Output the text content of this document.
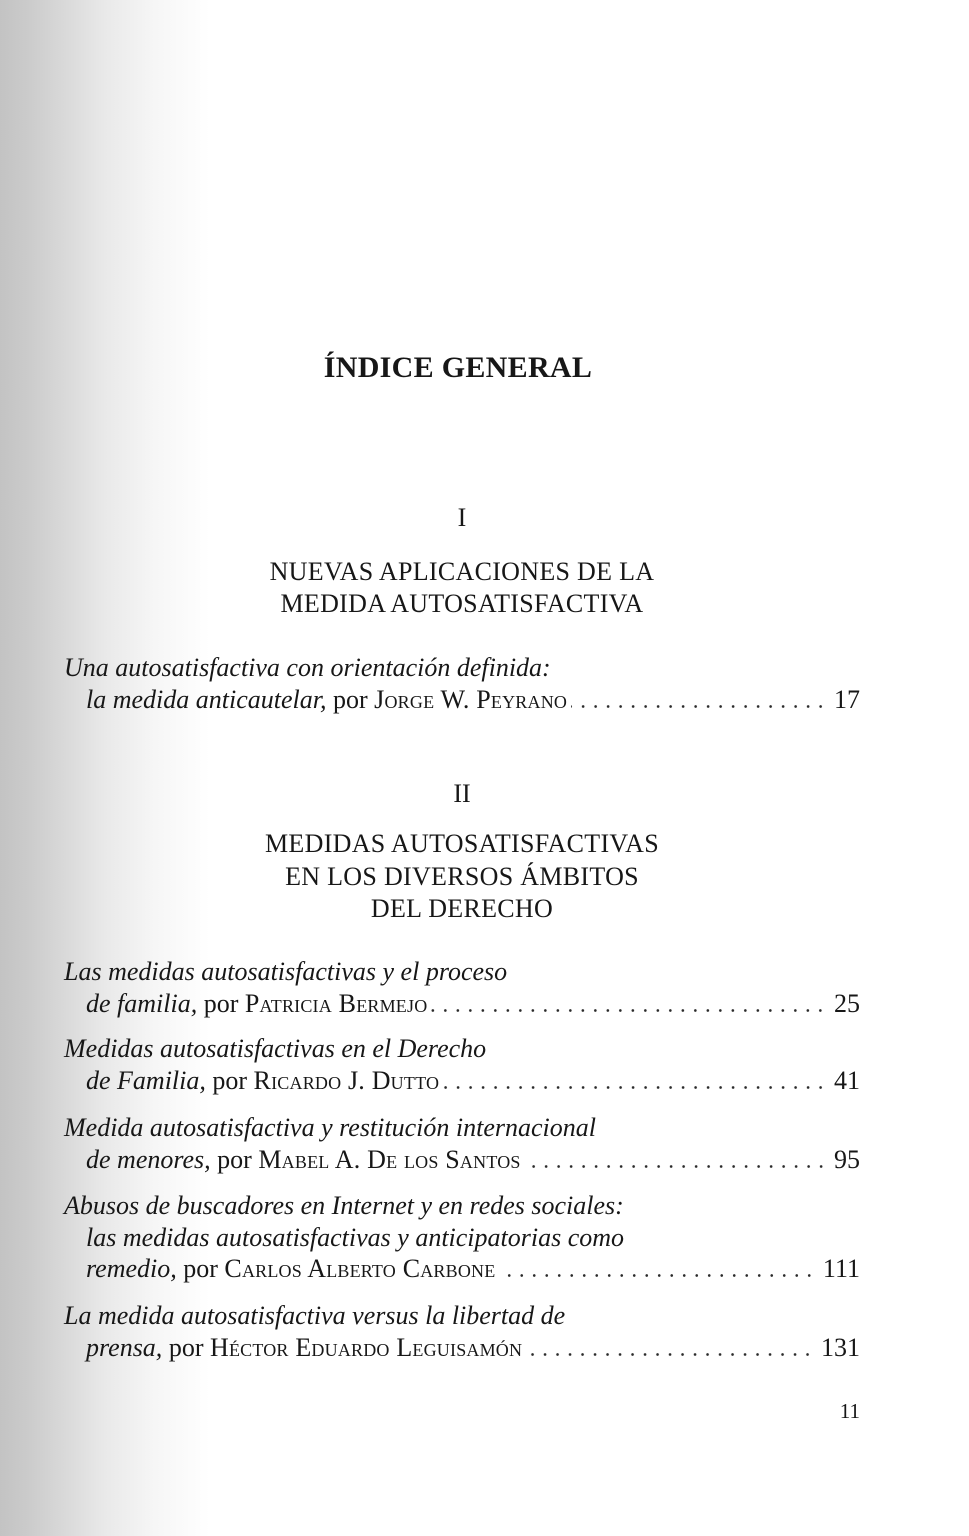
ÍNDICE GENERAL
I
NUEVAS APLICACIONES DE LA
MEDIDA AUTOSATISFACTIVA
Una autosatisfactiva con orientación definida:
la medida anticautelar, por Jorge W. Peyrano	17
II
MEDIDAS AUTOSATISFACTIVAS
EN LOS DIVERSOS ÁMBITOS
DEL DERECHO
Las medidas autosatisfactivas y el proceso
de familia, por Patricia Bermejo	25
Medidas autosatisfactivas en el Derecho
de Familia, por Ricardo J. Dutto	41
Medida autosatisfactiva y restitución internacional
de menores, por Mabel A. De los Santos	95
Abusos de buscadores en Internet y en redes sociales:
las medidas autosatisfactivas y anticipatorias como
remedio, por Carlos Alberto Carbone	111
La medida autosatisfactiva versus la libertad de
prensa, por Héctor Eduardo Leguisamón	131
11
